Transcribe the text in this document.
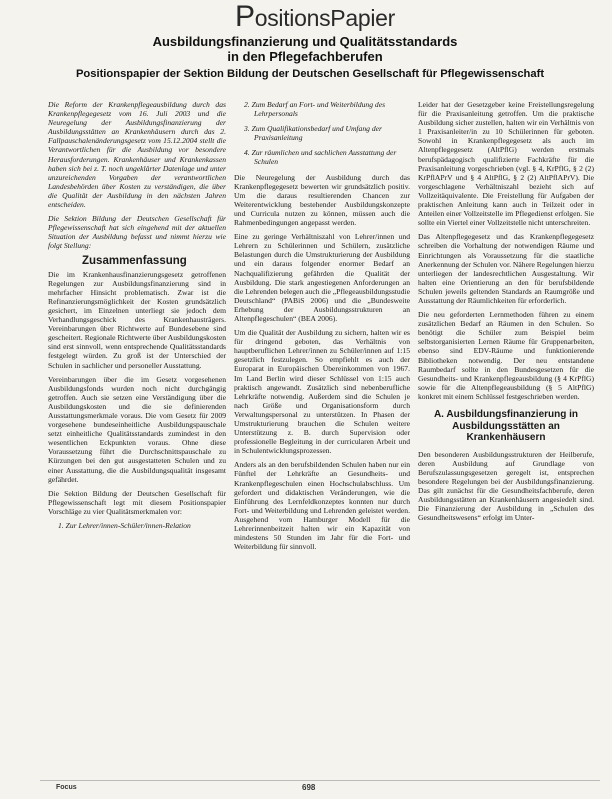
PositionsPapier
Ausbildungsfinanzierung und Qualitätsstandards
in den Pflegefachberufen
Positionspapier der Sektion Bildung der Deutschen Gesellschaft für Pflegewissenschaft

Die Reform der Krankenpflegeausbildung durch das Krankenpflegegesetz vom 16. Juli 2003 und die Neuregelung der Ausbildungsfinanzierung der Ausbildungsstätten an Krankenhäusern durch das 2. Fallpauschalenänderungsgesetz vom 15.12.2004 stellt die Verantwortlichen für die Ausbildung vor besondere Herausforderungen. Krankenhäuser und Krankenkassen haben sich bei z. T. noch ungeklärter Datenlage und unter unzureichenden Vorgaben der verantwortlichen Landesbehörden über Kosten zu verständigen, die über die Qualität der Ausbildung in den nächsten Jahren entscheiden.

Die Sektion Bildung der Deutschen Gesellschaft für Pflegewissenschaft hat sich eingehend mit der aktuellen Situation der Ausbildung befasst und nimmt hierzu wie folgt Stellung:

Zusammenfassung

Die im Krankenhausfinanzierungsgesetz getroffenen Regelungen zur Ausbildungsfinanzierung sind in mehrfacher Hinsicht problematisch. Zwar ist die Refinanzierungsmöglichkeit der Kosten grundsätzlich gesichert, im Einzelnen unterliegt sie jedoch dem Verhandlungsgeschick des Krankenhausträgers. Vereinbarungen über Richtwerte auf Bundesebene sind gescheitert. Regionale Richtwerte über Ausbildungskosten sind erst sinnvoll, wenn entsprechende Qualitätsstandards festgelegt würden. Zu groß ist der Unterschied der Schulen in sachlicher und personeller Ausstattung.

Vereinbarungen über die im Gesetz vorgesehenen Ausbildungsfonds wurden noch nicht durchgängig getroffen. Auch sie setzen eine Verständigung über die Ausbildungskosten und die sie definierenden Ausstattungsmerkmale voraus. Die vom Gesetz für 2009 vorgesehene bundeseinheitliche Ausbildungspauschale setzt einheitliche Qualitätsstandards zumindest in den wesentlichen Eckpunkten voraus. Ohne diese Voraussetzung führt die Durchschnittspauschale zu Kürzungen bei den gut ausgestatteten Schulen und zu einer Ausstattung, die die Ausbildungsqualität insgesamt gefährdet.

Die Sektion Bildung der Deutschen Gesellschaft für Pflegewissenschaft legt mit diesem Positionspapier Vorschläge zu vier Qualitätsmerkmalen vor:

1. Zur Lehrer/innen-Schüler/innen-Relation
2. Zum Bedarf an Fort- und Weiterbildung des Lehrpersonals
3. Zum Qualifikationsbedarf und Umfang der Praxisanleitung
4. Zur räumlichen und sachlichen Ausstattung der Schulen

Die Neuregelung der Ausbildung durch das Krankenpflegegesetz bewerten wir grundsätzlich positiv. Um die daraus resultierenden Chancen zur Weiterentwicklung bestehender Ausbildungskonzepte und Curricula nutzen zu können, müssen auch die Rahmenbedingungen angepasst werden.

Eine zu geringe Verhältniszahl von Lehrer/innen und Lehrern zu Schülerinnen und Schülern, zusätzliche Belastungen durch die Umstrukturierung der Ausbildung und ein daraus folgender enormer Bedarf an Nachqualifizierung gefährden die Qualität der Ausbildung. Die stark angestiegenen Anforderungen an die Lehrenden belegen auch die „Pflegeausbildungsstudie Deutschland“ (PABiS 2006) und die „Bundesweite Erhebung der Ausbildungsstrukturen an Altenpflegeschulen“ (BEA 2006).

Um die Qualität der Ausbildung zu sichern, halten wir es für dringend geboten, das Verhältnis von hauptberuflichen Lehrer/innen zu Schüler/innen auf 1:15 gesetzlich festzulegen. So empfiehlt es auch der Europarat in Europäischen Übereinkommen von 1967. Im Land Berlin wird dieser Schlüssel von 1:15 auch praktisch angewandt. Zusätzlich sind nebenberufliche Lehrkräfte notwendig. Außerdem sind die Schulen je nach Größe und Organisationsform durch Verwaltungspersonal zu unterstützen. In Phasen der Umstrukturierung brauchen die Schulen weitere Unterstützung z. B. durch Supervision oder professionelle Begleitung in der curricularen Arbeit und in Schulentwicklungsprozessen.

Anders als an den berufsbildenden Schulen haben nur ein Fünftel der Lehrkräfte an Gesundheits- und Krankenpflegeschulen einen Hochschulabschluss. Um gefordert und didaktischen Veränderungen, wie die Einführung des Lernfeldkonzeptes konnten nur durch Fort- und Weiterbildung und Lehrenden geleistet werden. Ausgehend vom Hamburger Modell für die Lehrerinnenbeitzeit halten wir ein Kapazität von mindestens 50 Stunden im Jahr für die Fort- und Weiterbildung für sinnvoll.

Leider hat der Gesetzgeber keine Freistellungsregelung für die Praxisanleitung getroffen. Um die praktische Ausbildung sicher zustellen, halten wir ein Verhältnis von 1 Praxisanleiter/in zu 10 Schülerinnen für geboten. Sowohl in Krankenpflegegesetz als auch im Altenpflegegesetz (AltPflG) werden erstmals berufspädagogisch qualifizierte Fachkräfte für die Praxisanleitung vorgeschrieben (vgl. § 4, KrPflG, § 2 (2) KrPflAPrV und § 4 AltPflG, § 2 (2) AltPflAPrV). Die vorgeschlagene Verhältniszahl bezieht sich auf Vollzeitäquivalente. Die Freistellung für Aufgaben der praktischen Anleitung kann auch in Teilzeit oder in Anteilen einer Vollzeitstelle im Pflegedienst erfolgen. Sie sollte ein Viertel einer Vollzeitstelle nicht unterschreiten.

Das Altenpflegegesetz und das Krankenpflegegesetz schreiben die Vorhaltung der notwendigen Räume und Einrichtungen als Voraussetzung für die staatliche Anerkennung der Schulen vor. Nähere Regelungen hierzu unterliegen der landesrechtlichen Ausgestaltung. Wir halten eine Orientierung an den für berufsbildende Schulen jeweils geltenden Standards an Raumgröße und Ausstattung der Räumlichkeiten für erforderlich.

Die neu geforderten Lernmethoden führen zu einem zusätzlichen Bedarf an Räumen in den Schulen. So benötigt die Schüler zum Beispiel beim selbstorganisierten Lernen Räume für Gruppenarbeiten, ebenso sind EDV-Räume und funktionierende Bibliotheken notwendig. Der neu entstandene Raumbedarf sollte in den Bundesgesetzen für die Gesundheits- und Krankenpflegeausbildung (§ 4 KrPflG) sowie für die Altenpflegeausbildung (§ 5 AltPflG) konkret mit einem Schlüssel festgeschrieben werden.

A. Ausbildungsfinanzierung in Ausbildungsstätten an Krankenhäusern

Den besonderen Ausbildungsstrukturen der Heilberufe, deren Ausbildung auf Grundlage von Berufszulassungsgesetzen geregelt ist, entsprechen besondere Regelungen bei der Ausbildungsfinanzierung. Das gilt zunächst für die Gesundheitsfachberufe, deren Ausbildungsstätten an Krankenhäusern angesiedelt sind. Die Finanzierung der Ausbildung in „Schulen des Gesundheitswesens“ erfolgt im Unter-

Focus	698
